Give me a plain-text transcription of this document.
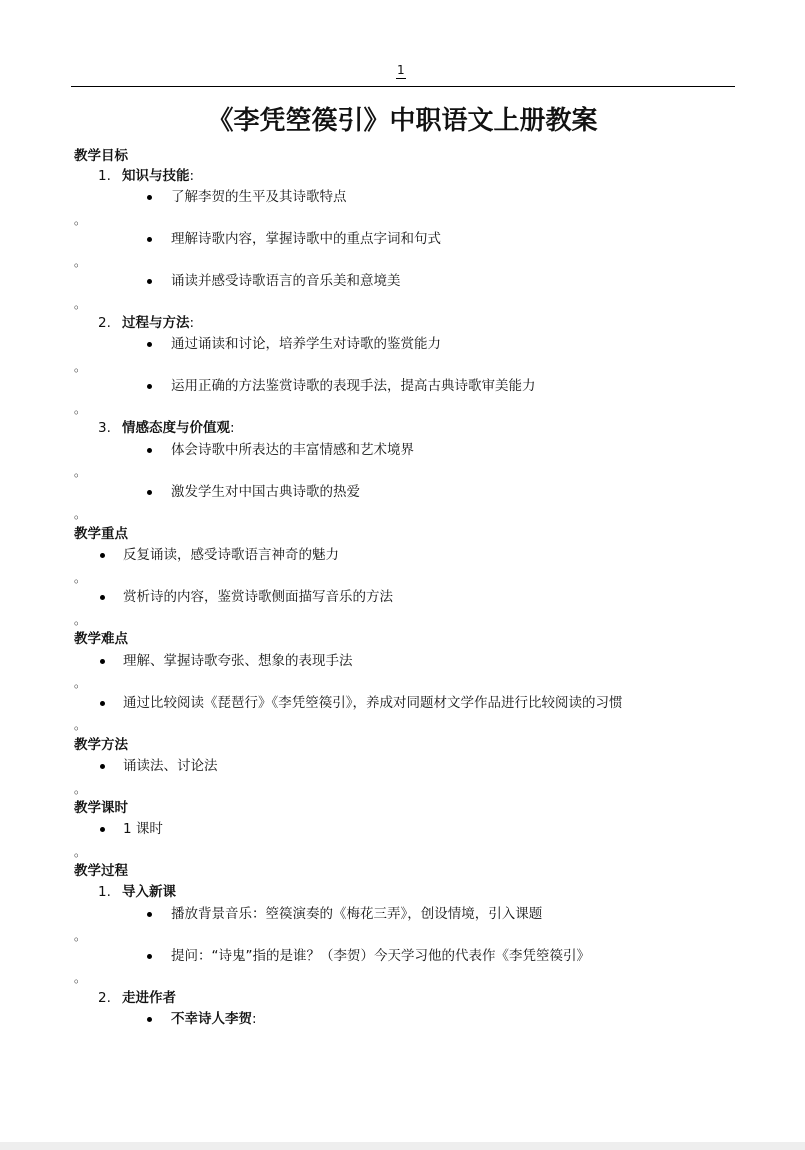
1
《李凭箜篌引》中职语文上册教案
教学目标
1. 知识与技能:
了解李贺的生平及其诗歌特点
。
理解诗歌内容，掌握诗歌中的重点字词和句式
。
诵读并感受诗歌语言的音乐美和意境美
。
2. 过程与方法:
通过诵读和讨论，培养学生对诗歌的鉴赏能力
。
运用正确的方法鉴赏诗歌的表现手法，提高古典诗歌审美能力
。
3. 情感态度与价值观:
体会诗歌中所表达的丰富情感和艺术境界
。
激发学生对中国古典诗歌的热爱
。
教学重点
反复诵读，感受诗歌语言神奇的魅力
。
赏析诗的内容，鉴赏诗歌侧面描写音乐的方法
。
教学难点
理解、掌握诗歌夸张、想象的表现手法
。
通过比较阅读《琵琶行》《李凭箜篌引》，养成对同题材文学作品进行比较阅读的习惯
。
教学方法
诵读法、讨论法
。
教学课时
1 课时
。
教学过程
1. 导入新课
播放背景音乐：箜篌演奏的《梅花三弄》，创设情境，引入课题
。
提问：“诗鬼”指的是谁？（李贺）今天学习他的代表作《李凭箜篌引》
。
2. 走进作者
不幸诗人李贺:
